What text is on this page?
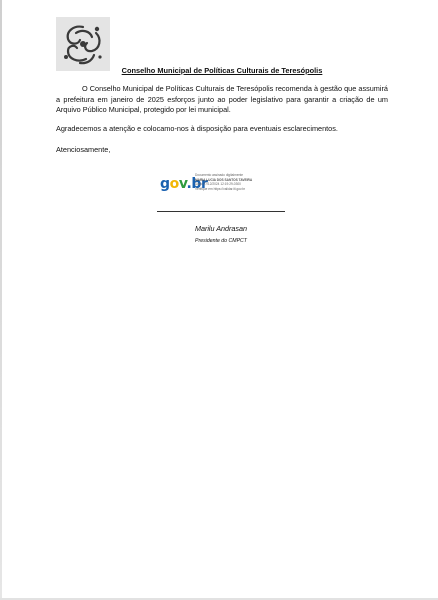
Conselho Municipal de Políticas Culturais de Teresópolis

O Conselho Municipal de Políticas Culturais de Teresópolis recomenda à gestão que assumirá a prefeitura em janeiro de 2025 esforços junto ao poder legislativo para garantir a criação de um Arquivo Público Municipal, protegido por lei municipal.

Agradecemos a atenção e colocamo-nos à disposição para eventuais esclarecimentos.

Atenciosamente,

gov.br
Documento assinado digitalmente
MARIA LUCIA DOS SANTOS TAVEIRA
Data: 27/12/2024 12:19:29-0300
Verifique em https://validar.iti.gov.br
Marilu Andrasan
Presidente do CMPCT
